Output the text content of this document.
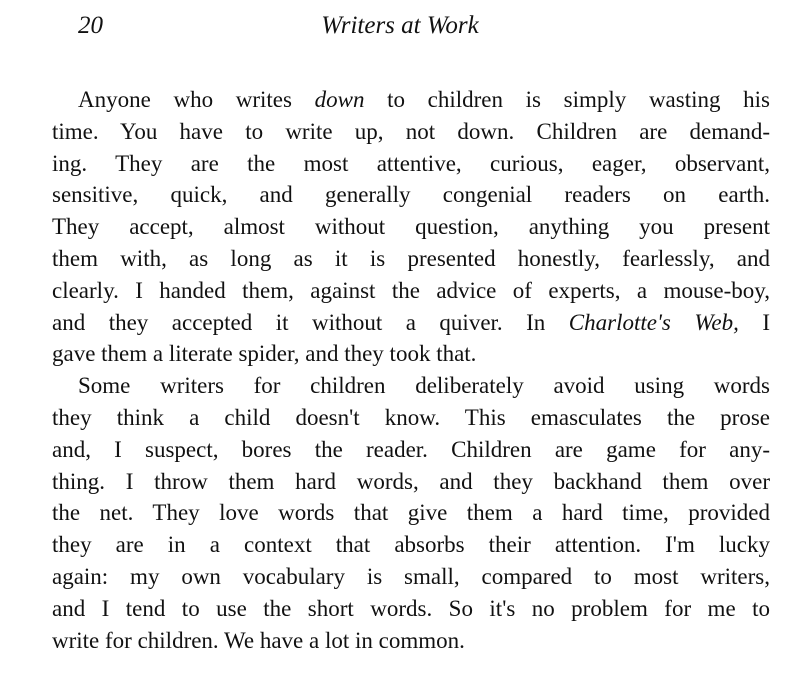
20	Writers at Work
Anyone who writes down to children is simply wasting his
time. You have to write up, not down. Children are demand-
ing. They are the most attentive, curious, eager, observant,
sensitive, quick, and generally congenial readers on earth.
They accept, almost without question, anything you present
them with, as long as it is presented honestly, fearlessly, and
clearly. I handed them, against the advice of experts, a mouse-boy,
and they accepted it without a quiver. In Charlotte's Web, I
gave them a literate spider, and they took that.
Some writers for children deliberately avoid using words
they think a child doesn't know. This emasculates the prose
and, I suspect, bores the reader. Children are game for any-
thing. I throw them hard words, and they backhand them over
the net. They love words that give them a hard time, provided
they are in a context that absorbs their attention. I'm lucky
again: my own vocabulary is small, compared to most writers,
and I tend to use the short words. So it's no problem for me to
write for children. We have a lot in common.
